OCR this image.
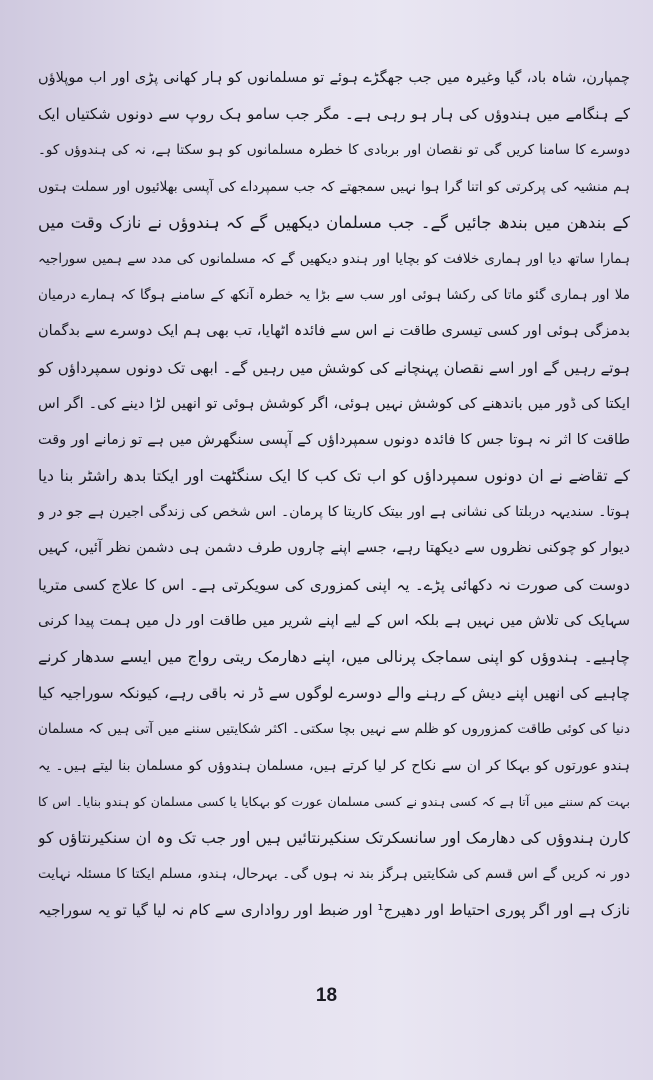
چمپارن، شاہ باد، گیا وغیرہ میں جب جھگڑے ہوئے تو مسلمانوں کو ہار کھانی پڑی اور اب موپلاؤں
کے ہنگامے میں ہندوؤں کی ہار ہو رہی ہے۔ مگر جب سامو ہک روپ سے دونوں شکتیاں ایک
دوسرے کا سامنا کریں گی تو نقصان اور بربادی کا خطرہ مسلمانوں کو ہو سکتا ہے، نہ کی ہندوؤں کو۔
ہم منشیہ کی پرکرتی کو اتنا گرا ہوا نہیں سمجھتے کہ جب سمپرداے کی آپسی بھلائیوں اور سملت ہتوں
کے بندھن میں بندھ جائیں گے۔ جب مسلمان دیکھیں گے کہ ہندوؤں نے نازک وقت میں
ہمارا ساتھ دیا اور ہماری خلافت کو بچایا اور ہندو دیکھیں گے کہ مسلمانوں کی مدد سے ہمیں سوراجیہ
ملا اور ہماری گئو ماتا کی رکشا ہوئی اور سب سے بڑا یہ خطرہ آنکھ کے سامنے ہوگا کہ ہمارے درمیان
بدمزگی ہوئی اور کسی تیسری طاقت نے اس سے فائدہ اٹھایا، تب بھی ہم ایک دوسرے سے بدگمان
ہوتے رہیں گے اور اسے نقصان پہنچانے کی کوشش میں رہیں گے۔ ابھی تک دونوں سمپرداؤں کو
ایکتا کی ڈور میں باندھنے کی کوشش نہیں ہوئی، اگر کوشش ہوئی تو انھیں لڑا دینے کی۔ اگر اس
طاقت کا اثر نہ ہوتا جس کا فائدہ دونوں سمپرداؤں کے آپسی سنگھرش میں ہے تو زمانے اور وقت
کے تقاضے نے ان دونوں سمپرداؤں کو اب تک کب کا ایک سنگٹھت اور ایکتا بدھ راشٹر بنا دیا
ہوتا۔ سندیہہ دربلتا کی نشانی ہے اور بیتک کاریتا کا پرمان۔ اس شخص کی زندگی اجیرن ہے جو در و
دیوار کو چوکنی نظروں سے دیکھتا رہے، جسے اپنے چاروں طرف دشمن ہی دشمن نظر آئیں، کہیں
دوست کی صورت نہ دکھائی پڑے۔ یہ اپنی کمزوری کی سویکرتی ہے۔ اس کا علاج کسی متریا
سہایک کی تلاش میں نہیں ہے بلکہ اس کے لیے اپنے شریر میں طاقت اور دل میں ہمت پیدا کرنی
چاہیے۔ ہندوؤں کو اپنی سماجک پرنالی میں، اپنے دھارمک ریتی رواج میں ایسے سدھار کرنے
چاہیے کی انھیں اپنے دیش کے رہنے والے دوسرے لوگوں سے ڈر نہ باقی رہے، کیونکہ سوراجیہ کیا
دنیا کی کوئی طاقت کمزوروں کو ظلم سے نہیں بچا سکتی۔ اکثر شکایتیں سننے میں آتی ہیں کہ مسلمان
ہندو عورتوں کو بہکا کر ان سے نکاح کر لیا کرتے ہیں، مسلمان ہندوؤں کو مسلمان بنا لیتے ہیں۔ یہ
بہت کم سننے میں آتا ہے کہ کسی ہندو نے کسی مسلمان عورت کو بہکایا یا کسی مسلمان کو ہندو بنایا۔ اس کا
کارن ہندوؤں کی دھارمک اور سانسکرتک سنکیرنتائیں ہیں اور جب تک وہ ان سنکیرنتاؤں کو
دور نہ کریں گے اس قسم کی شکایتیں ہرگز بند نہ ہوں گی۔ بہرحال، ہندو، مسلم ایکتا کا مسئلہ نہایت
نازک ہے اور اگر پوری احتیاط اور دھیرج¹ اور ضبط اور رواداری سے کام نہ لیا گیا تو یہ سوراجیہ
18
